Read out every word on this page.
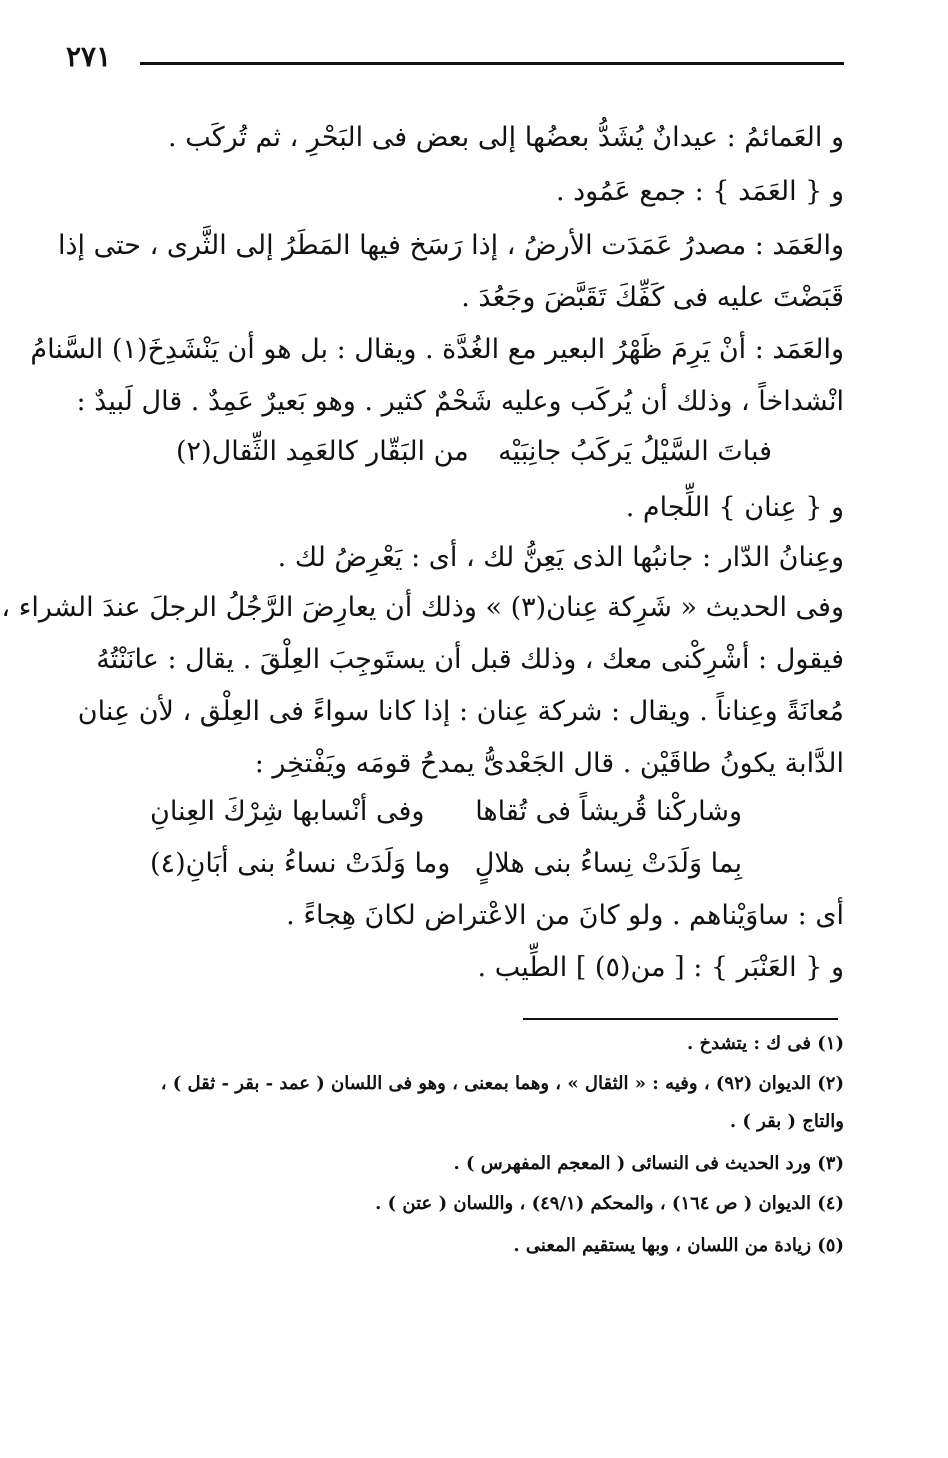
٢٧١
و العَمائمُ : عيدانٌ يُشَدُّ بعضُها إلى بعض فى البَحْرِ ، ثم تُركَب .
و { العَمَد } : جمع عَمُود .
والعَمَد : مصدرُ عَمَدَت الأرضُ ، إذا رَسَخ فيها المَطَرُ إلى الثَّرى ، حتى إذا
قَبَضْتَ عليه فى كَفِّكَ تَقَبَّضَ وجَعُدَ .
والعَمَد : أنْ يَرِمَ ظَهْرُ البعير مع الغُدَّة . ويقال : بل هو أن يَنْشَدِخَ(١) السَّنامُ
انْشداخاً ، وذلك أن يُركَب وعليه شَحْمٌ كثير . وهو بَعيرٌ عَمِدٌ . قال لَبيدٌ :
فباتَ السَّيْلُ يَركَبُ جانِبَيْه
من البَقّار كالعَمِد الثِّقال(٢)
و { عِنان } اللِّجام .
وعِنانُ الدّار : جانبُها الذى يَعِنُّ لك ، أى : يَعْرِضُ لك .
وفى الحديث « شَرِكة عِنان(٣) » وذلك أن يعارِضَ الرَّجُلُ الرجلَ عندَ الشراء ،
فيقول : أشْرِكْنى معك ، وذلك قبل أن يستَوجِبَ العِلْقَ . يقال : عانَنْتُهُ
مُعانَةً وعِناناً . ويقال : شركة عِنان : إذا كانا سواءً فى العِلْق ، لأن عِنان
الدَّابة يكونُ طاقَيْن . قال الجَعْدىُّ يمدحُ قومَه ويَفْتخِر :
وشاركْنا قُريشاً فى تُقاها
وفى أنْسابها شِرْكَ العِنانِ
بِما وَلَدَتْ نِساءُ بنى هلالٍ
وما وَلَدَتْ نساءُ بنى أبَانِ(٤)
أى : ساوَيْناهم . ولو كانَ من الاعْتراض لكانَ هِجاءً .
و { العَنْبَر } : [ من(٥) ] الطِّيب .
(١) فى ك : يتشدخ .
(٢) الديوان (٩٢) ، وفيه : « الثقال » ، وهما بمعنى ، وهو فى اللسان ( عمد - بقر - ثقل ) ،
والتاج ( بقر ) .
(٣) ورد الحديث فى النسائى ( المعجم المفهرس ) .
(٤) الديوان ( ص ١٦٤) ، والمحكم (٤٩/١) ، واللسان ( عتن ) .
(٥) زيادة من اللسان ، وبها يستقيم المعنى .
